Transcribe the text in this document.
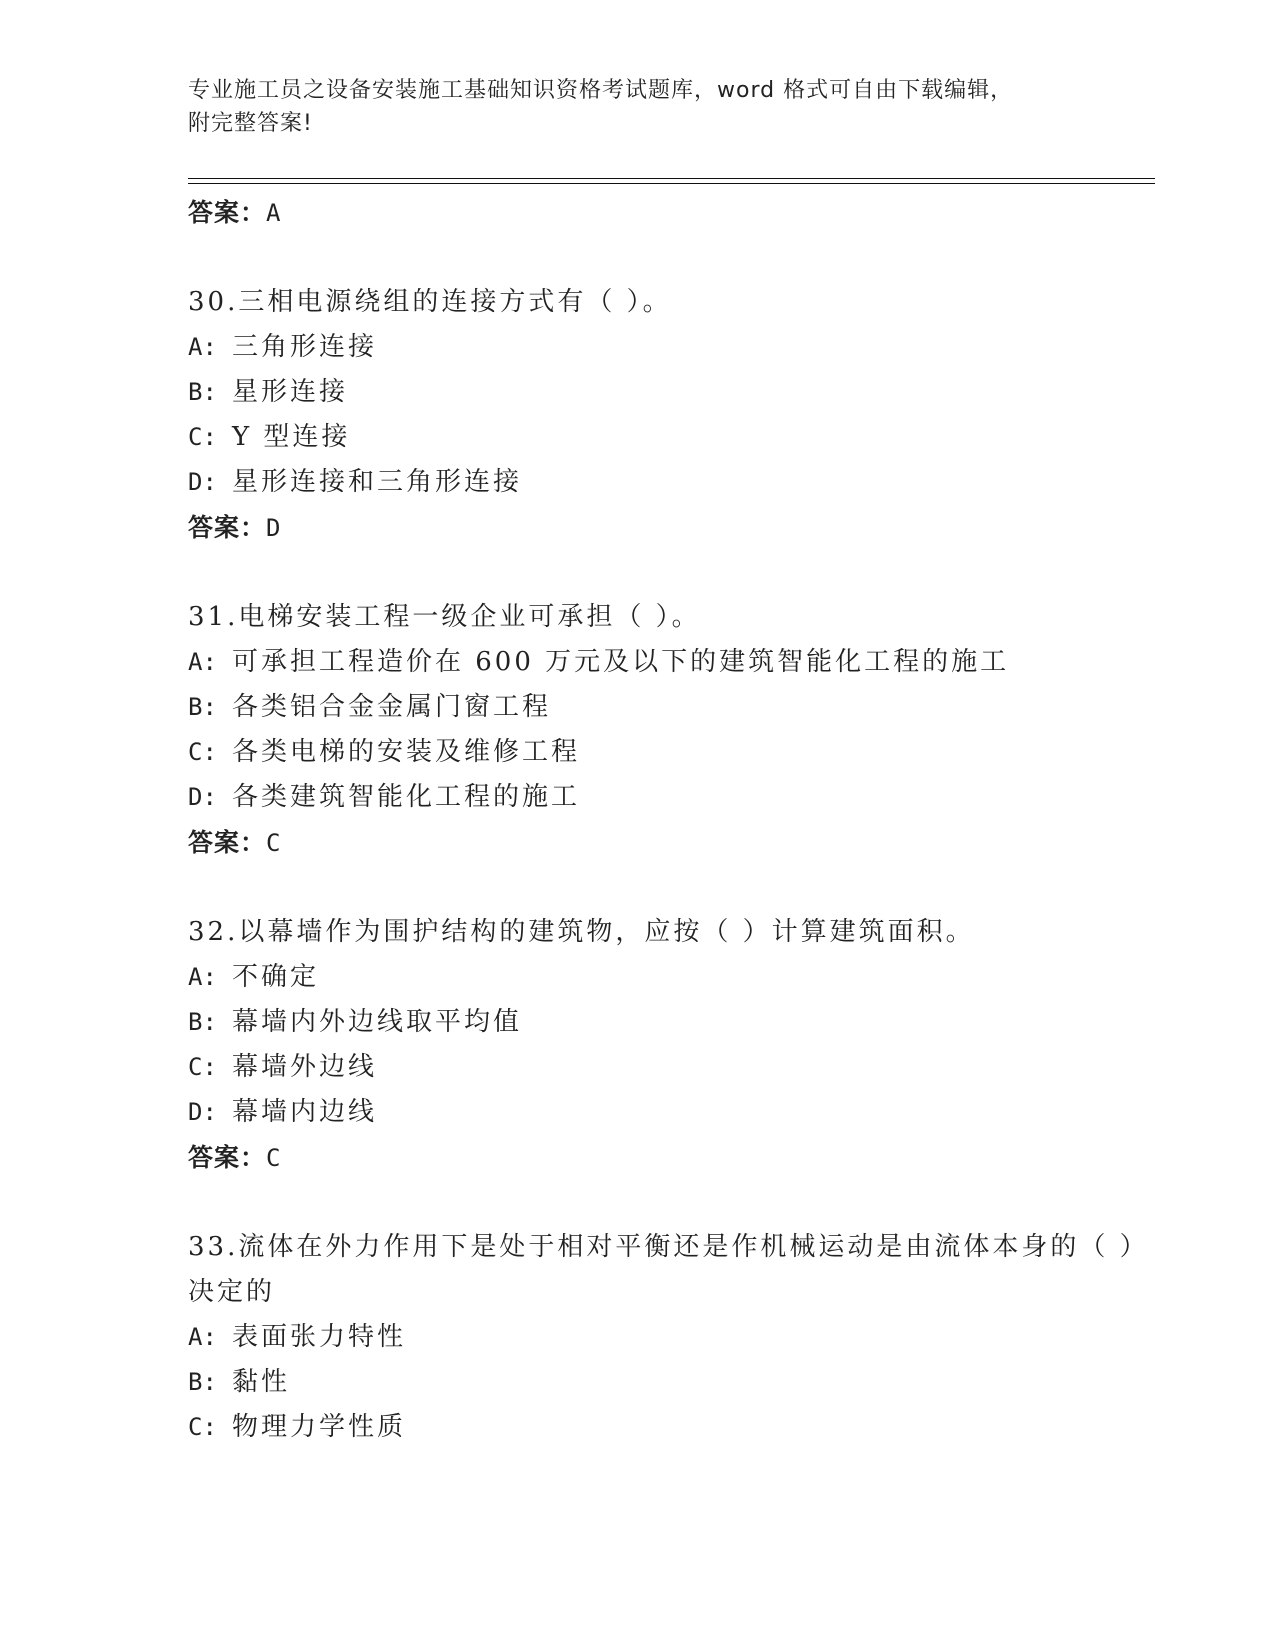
专业施工员之设备安装施工基础知识资格考试题库，word 格式可自由下载编辑，
附完整答案!
答案：A
30.三相电源绕组的连接方式有（ ）。
A: 三角形连接
B: 星形连接
C: Y 型连接
D: 星形连接和三角形连接
答案：D
31.电梯安装工程一级企业可承担（ ）。
A: 可承担工程造价在 600 万元及以下的建筑智能化工程的施工
B: 各类铝合金金属门窗工程
C: 各类电梯的安装及维修工程
D: 各类建筑智能化工程的施工
答案：C
32.以幕墙作为围护结构的建筑物，应按（ ）计算建筑面积。
A: 不确定
B: 幕墙内外边线取平均值
C: 幕墙外边线
D: 幕墙内边线
答案：C
33.流体在外力作用下是处于相对平衡还是作机械运动是由流体本身的（ ）决定的
A: 表面张力特性
B: 黏性
C: 物理力学性质
